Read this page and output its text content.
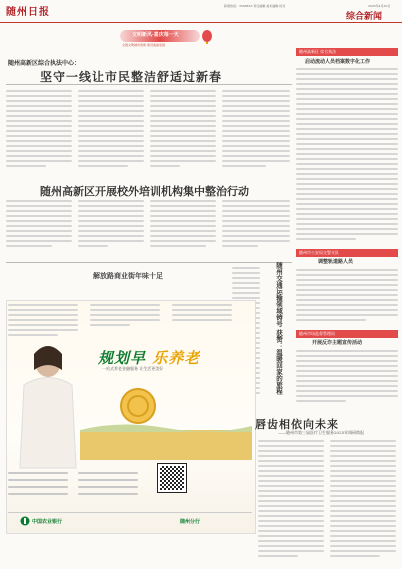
随州日报
新闻热线：3589816 责任编辑 美术编辑 校对	2025年4月30日
综合新闻
文明新风·喜庆每一天
全国文明城市创建 建设美丽家园
随州高新区综合执法中心：
坚守一线让市民整洁舒适过新春
随州高新区开展校外培训机构集中整治行动
解放路商业街年味十足	随州交通运输领域铸号 获赞：温暖回家的旅程
随州高新区 综合执法
启动流动人员档案数字化工作
随州市公安局交警支队
调整轨道路人员
随州市场监督管理局
开展反诈主题宣传活动
规划早 乐养老
一站式养老金融服务 让生活更美好
中国农业银行	随州分行
唇齿相依向未来
——随州市第三届医疗卫生服务2025年调研简报
